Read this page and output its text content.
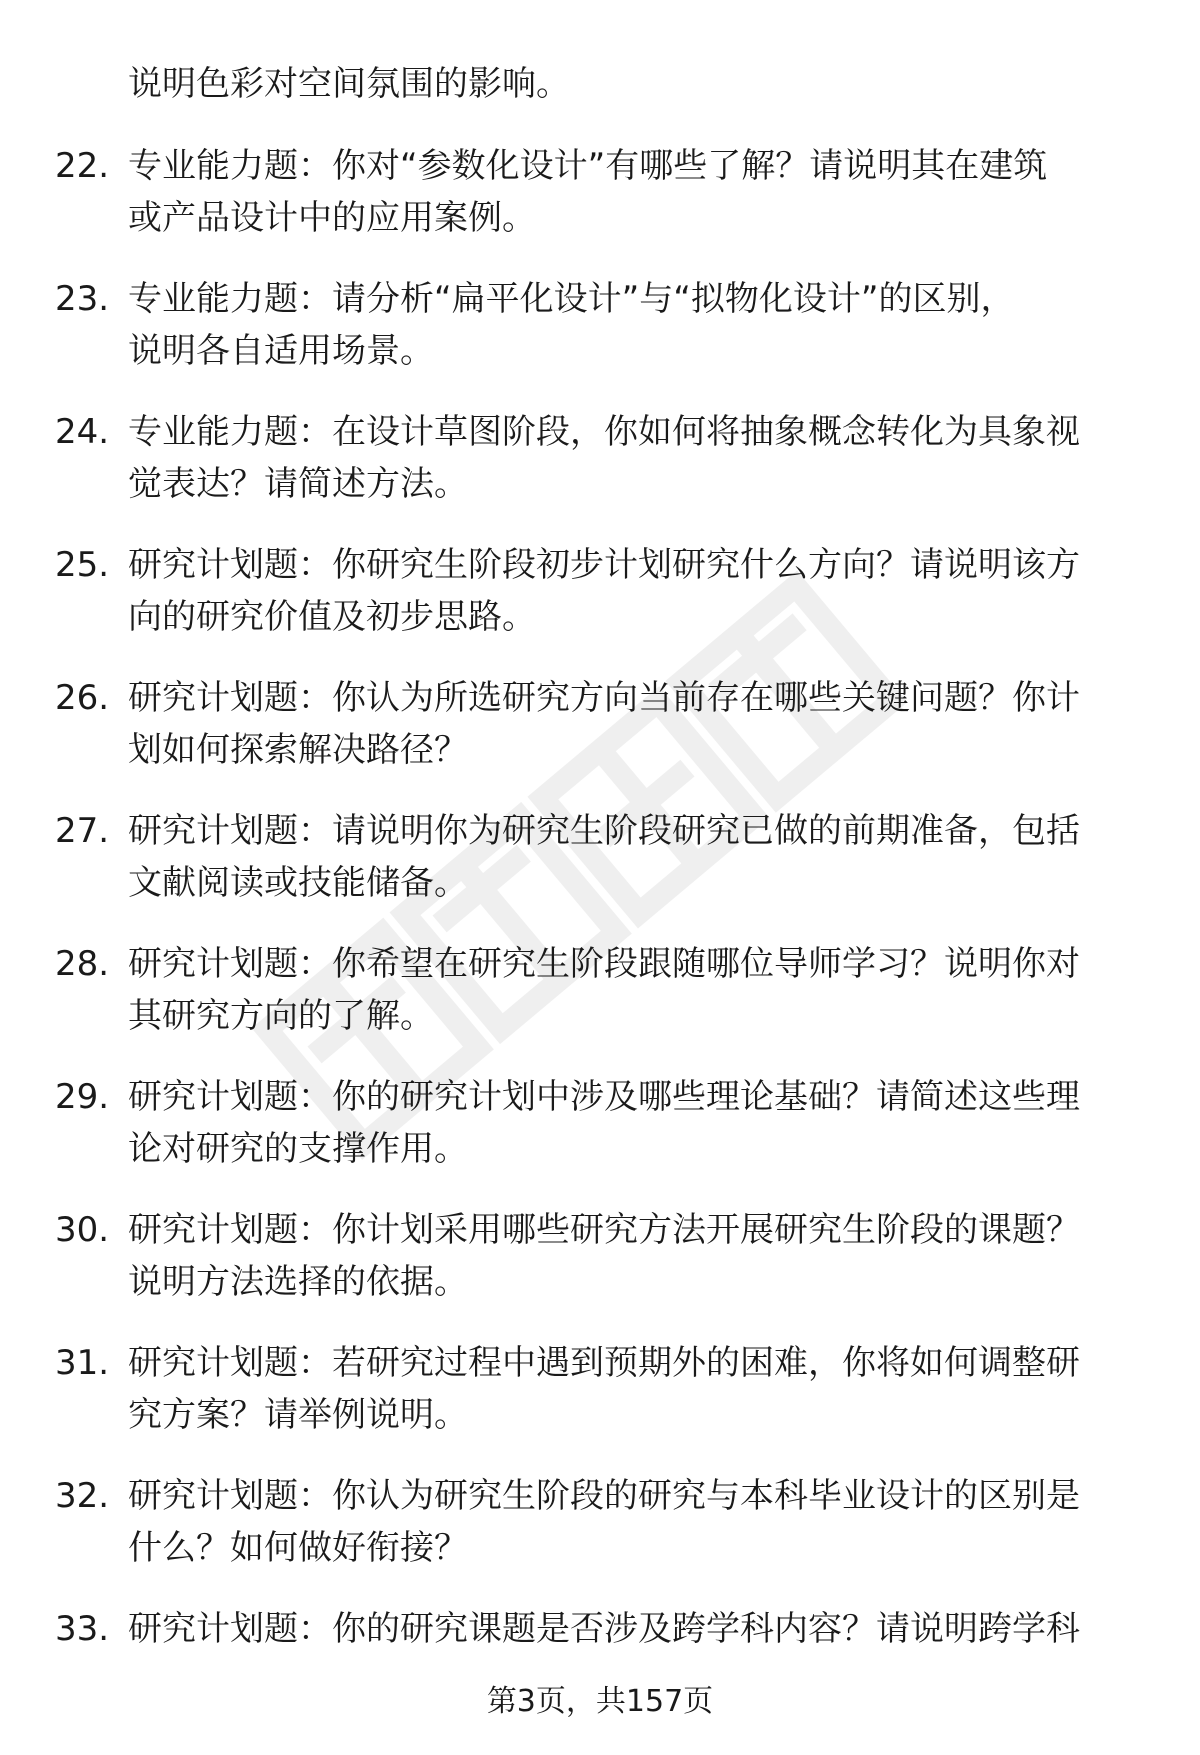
说明色彩对空间氛围的影响。
22. 专业能力题：你对“参数化设计”有哪些了解？请说明其在建筑
或产品设计中的应用案例。
23. 专业能力题：请分析“扁平化设计”与“拟物化设计”的区别，
说明各自适用场景。
24. 专业能力题：在设计草图阶段，你如何将抽象概念转化为具象视
觉表达？请简述方法。
25. 研究计划题：你研究生阶段初步计划研究什么方向？请说明该方
向的研究价值及初步思路。
26. 研究计划题：你认为所选研究方向当前存在哪些关键问题？你计
划如何探索解决路径？
27. 研究计划题：请说明你为研究生阶段研究已做的前期准备，包括
文献阅读或技能储备。
28. 研究计划题：你希望在研究生阶段跟随哪位导师学习？说明你对
其研究方向的了解。
29. 研究计划题：你的研究计划中涉及哪些理论基础？请简述这些理
论对研究的支撑作用。
30. 研究计划题：你计划采用哪些研究方法开展研究生阶段的课题？
说明方法选择的依据。
31. 研究计划题：若研究过程中遇到预期外的困难，你将如何调整研
究方案？请举例说明。
32. 研究计划题：你认为研究生阶段的研究与本科毕业设计的区别是
什么？如何做好衔接？
33. 研究计划题：你的研究课题是否涉及跨学科内容？请说明跨学科
第3页，共157页
